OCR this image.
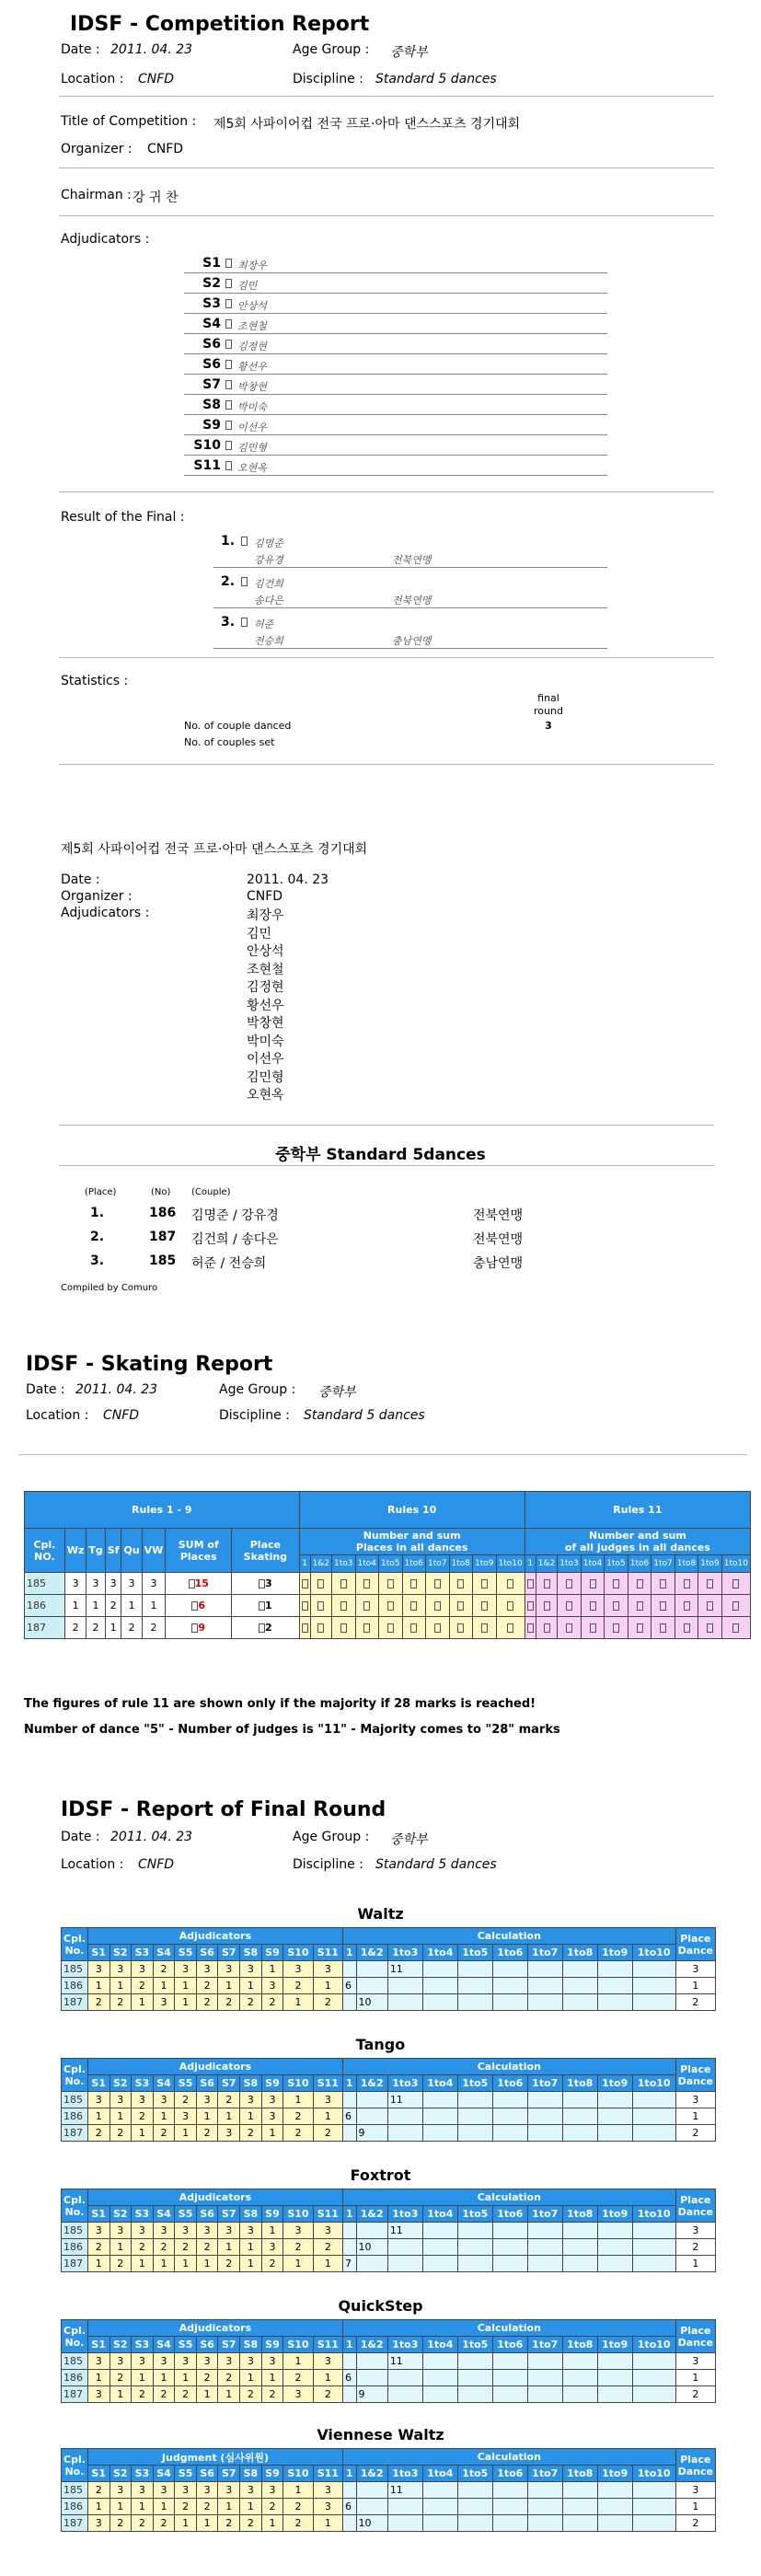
IDSF - Competition Report
Date : 2011. 04. 23	Age Group : 중학부
Location : CNFD	Discipline : Standard 5 dances
Title of Competition : 제5회 사파이어컵 전국 프로·아마 댄스스포츠 경기대회
Organizer : CNFD
Chairman : 강 귀 찬
Adjudicators :
S1 최장우
S2 김민
S3 안상석
S4 조현철
S6 김정현
S6 황선우
S7 박창현
S8 박미숙
S9 이선우
S10 김민형
S11 오현옥
Result of the Final :
1. 김명준
강유경	전북연맹
2. 김건희
송다은	전북연맹
3. 허준
전승희	충남연맹
Statistics :
final
round
3
No. of couple danced
No. of couples set
제5회 사파이어컵 전국 프로·아마 댄스스포츠 경기대회
Date :	2011. 04. 23
Organizer :	CNFD
Adjudicators :	최장우
김민
안상석
조현철
김정현
황선우
박창현
박미숙
이선우
김민형
오현옥
중학부 Standard 5dances
(Place)	(No) (Couple)
1.	186 김명준 / 강유경	전북연맹
2.	187 김건희 / 송다은	전북연맹
3.	185 허준 / 전승희	충남연맹
Compiled by Comuro
IDSF - Skating Report
Date : 2011. 04. 23	Age Group : 중학부
Location : CNFD	Discipline : Standard 5 dances
Rules 1 - 9								Rules 10										Rules 11									
Cpl. NO.	Wz	Tg	Sf	Qu	VW	SUM of Places	Place Skating	Number and sum
Places in all dances										Number and sum
of all judges in all dances									
								1	1&2	1to3	1to4	1to5	1to6	1to7	1to8	1to9	1to10	1	1&2	1to3	1to4	1to5	1to6	1to7	1to8	1to9	1to10
185	3	3	3	3	3	15	3																				
186	1	1	2	1	1	6	1																				
187	2	2	1	2	2	9	2																				
The figures of rule 11 are shown only if the majority if 28 marks is reached!
Number of dance "5" - Number of judges is "11" - Majority comes to "28" marks
IDSF - Report of Final Round
Date : 2011. 04. 23	Age Group : 중학부
Location : CNFD	Discipline : Standard 5 dances
Waltz
Cpl. No.	Adjudicators											Calculation										Place Dance
	S1	S2	S3	S4	S5	S6	S7	S8	S9	S10	S11	1	1&2	1to3	1to4	1to5	1to6	1to7	1to8	1to9	1to10	
185	3	3	3	2	3	3	3	3	1	3	3			11								3
186	1	1	2	1	1	2	1	1	3	2	1	6										1
187	2	2	1	3	1	2	2	2	2	1	2		10									2
Tango
Cpl. No.	Adjudicators											Calculation										Place Dance
	S1	S2	S3	S4	S5	S6	S7	S8	S9	S10	S11	1	1&2	1to3	1to4	1to5	1to6	1to7	1to8	1to9	1to10	
185	3	3	3	3	2	3	2	3	3	1	3			11								3
186	1	1	2	1	3	1	1	1	3	2	1	6										1
187	2	2	1	2	1	2	3	2	1	2	2		9									2
Foxtrot
Cpl. No.	Adjudicators											Calculation										Place Dance
	S1	S2	S3	S4	S5	S6	S7	S8	S9	S10	S11	1	1&2	1to3	1to4	1to5	1to6	1to7	1to8	1to9	1to10	
185	3	3	3	3	3	3	3	3	1	3	3			11								3
186	2	1	2	2	2	2	1	1	3	2	2		10									2
187	1	2	1	1	1	1	2	1	2	1	1	7										1
QuickStep
Cpl. No.	Adjudicators											Calculation										Place Dance
	S1	S2	S3	S4	S5	S6	S7	S8	S9	S10	S11	1	1&2	1to3	1to4	1to5	1to6	1to7	1to8	1to9	1to10	
185	3	3	3	3	3	3	3	3	3	1	3			11								3
186	1	2	1	1	1	2	2	1	1	2	1	6										1
187	3	1	2	2	2	1	1	2	2	3	2		9									2
Viennese Waltz
Cpl. No.	Judgment (심사위원)											Calculation										Place Dance
	S1	S2	S3	S4	S5	S6	S7	S8	S9	S10	S11	1	1&2	1to3	1to4	1to5	1to6	1to7	1to8	1to9	1to10	
185	2	3	3	3	3	3	3	3	3	1	3			11								3
186	1	1	1	1	2	2	1	1	2	2	3	6										1
187	3	2	2	2	1	1	2	2	1	2	1		10									2
